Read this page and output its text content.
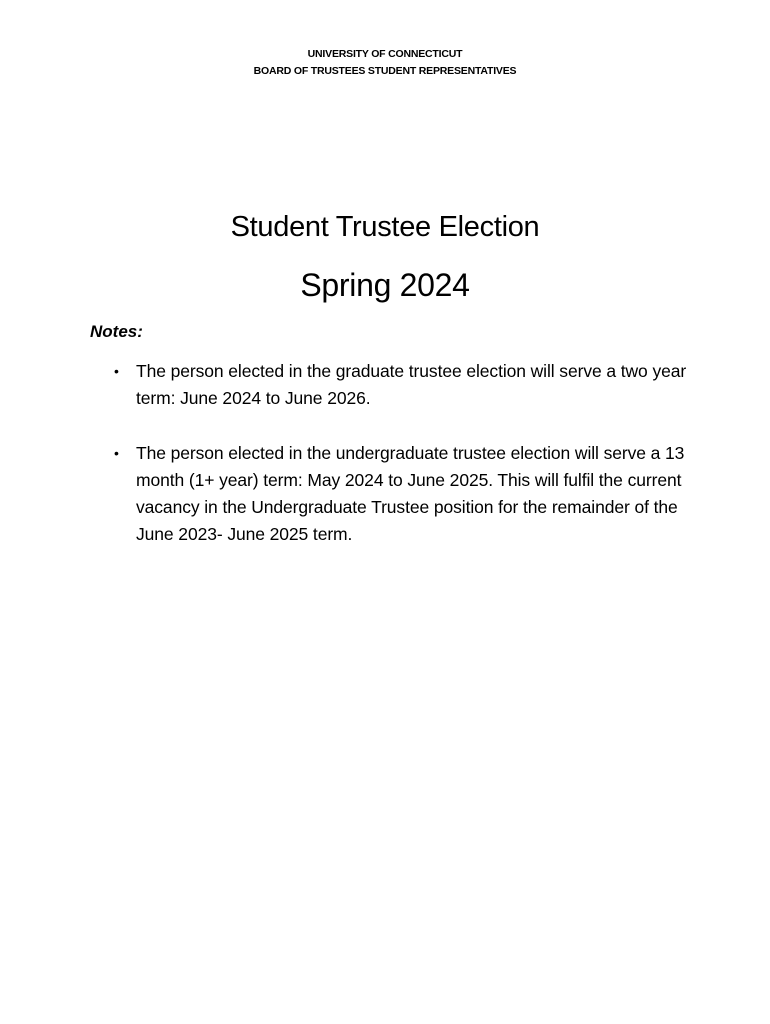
UNIVERSITY OF CONNECTICUT
BOARD OF TRUSTEES STUDENT REPRESENTATIVES
Student Trustee Election
Spring 2024
Notes:
• The person elected in the graduate trustee election will serve a two year term: June 2024 to June 2026.
• The person elected in the undergraduate trustee election will serve a 13 month (1+ year) term: May 2024 to June 2025. This will fulfil the current vacancy in the Undergraduate Trustee position for the remainder of the June 2023- June 2025 term.
